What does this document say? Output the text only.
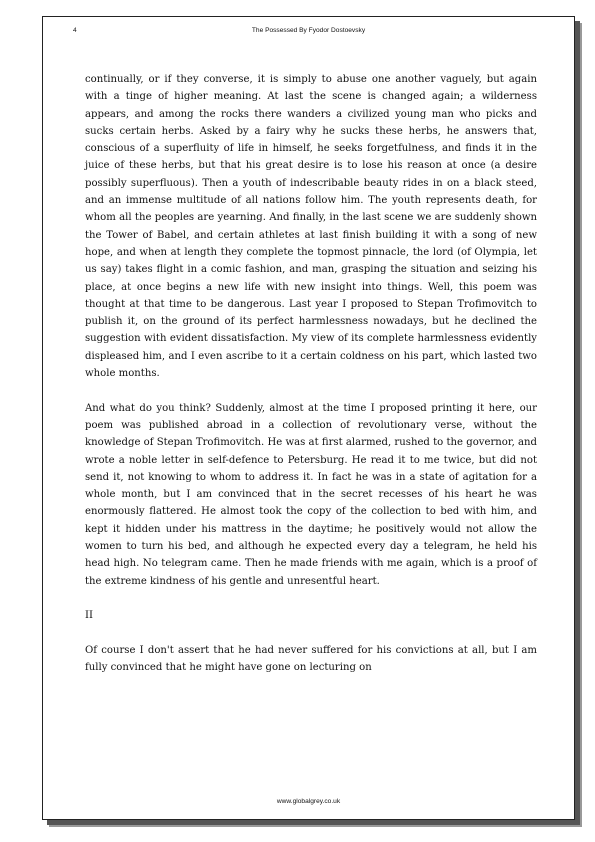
4	The Possessed By Fyodor Dostoevsky

continually, or if they converse, it is simply to abuse one another vaguely, but again with a tinge of higher meaning. At last the scene is changed again; a wilderness appears, and among the rocks there wanders a civilized young man who picks and sucks certain herbs. Asked by a fairy why he sucks these herbs, he answers that, conscious of a superfluity of life in himself, he seeks forgetfulness, and finds it in the juice of these herbs, but that his great desire is to lose his reason at once (a desire possibly superfluous). Then a youth of indescribable beauty rides in on a black steed, and an immense multitude of all nations follow him. The youth represents death, for whom all the peoples are yearning. And finally, in the last scene we are suddenly shown the Tower of Babel, and certain athletes at last finish building it with a song of new hope, and when at length they complete the topmost pinnacle, the lord (of Olympia, let us say) takes flight in a comic fashion, and man, grasping the situation and seizing his place, at once begins a new life with new insight into things. Well, this poem was thought at that time to be dangerous. Last year I proposed to Stepan Trofimovitch to publish it, on the ground of its perfect harmlessness nowadays, but he declined the suggestion with evident dissatisfaction. My view of its complete harmlessness evidently displeased him, and I even ascribe to it a certain coldness on his part, which lasted two whole months.

And what do you think? Suddenly, almost at the time I proposed printing it here, our poem was published abroad in a collection of revolutionary verse, without the knowledge of Stepan Trofimovitch. He was at first alarmed, rushed to the governor, and wrote a noble letter in self-defence to Petersburg. He read it to me twice, but did not send it, not knowing to whom to address it. In fact he was in a state of agitation for a whole month, but I am convinced that in the secret recesses of his heart he was enormously flattered. He almost took the copy of the collection to bed with him, and kept it hidden under his mattress in the daytime; he positively would not allow the women to turn his bed, and although he expected every day a telegram, he held his head high. No telegram came. Then he made friends with me again, which is a proof of the extreme kindness of his gentle and unresentful heart.

II

Of course I don't assert that he had never suffered for his convictions at all, but I am fully convinced that he might have gone on lecturing on

www.globalgrey.co.uk
